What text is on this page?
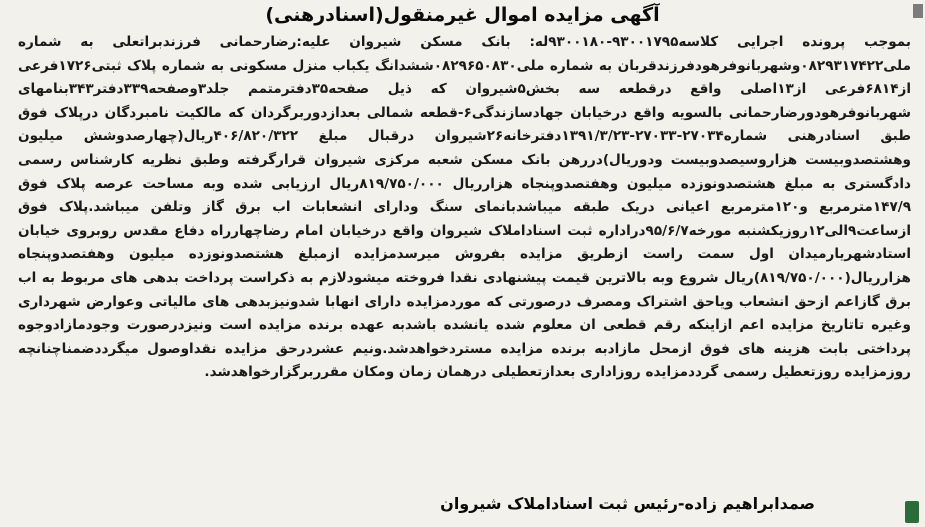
آگهی مزایده اموال غیرمنقول(اسنادرهنی)
بموجب پرونده اجرایی کلاسه۹۳۰۰۱۷۹۵-۹۳۰۰۱۸۰له: بانک مسکن شیروان علیه:رضارحمانی فرزندبراتعلی به شماره ملی۰۸۲۹۳۱۷۴۲۲وشهربانوفرهودفرزندقربان به شماره ملی۰۸۲۹۶۵۰۸۳۰ششدانگ یکباب منزل مسکونی به شماره پلاک ثبتی۱۷۲۶فرعی از۶۸۱۴فرعی از۱۳اصلی واقع درقطعه سه بخش۵شیروان که ذیل صفحه۳۵دفترمتمم جلد۳وصفحه۳۳۹دفتر۳۴۳بنامهای شهربانوفرهودورضارحمانی بالسویه واقع درخیابان جهادسازندگی۶-قطعه شمالی بعدازدوربرگردان که مالکیت نامبردگان درپلاک فوق طبق اسنادرهنی شماره۲۷۰۳۴-۲۷۰۳۳-۱۳۹۱/۳/۲۳دفترخانه۲۶شیروان درقبال مبلغ ۴۰۶/۸۲۰/۳۲۲ریال(چهارصدوشش میلیون وهشتصدوبیست هزاروسیصدوبیست ودوریال)دررهن بانک مسکن شعبه مرکزی شیروان قرارگرفته وطبق نظریه کارشناس رسمی دادگستری به مبلغ هشتصدونوزده میلیون وهفتصدوپنجاه هزارریال ۸۱۹/۷۵۰/۰۰۰ریال ارزیابی شده وبه مساحت عرصه پلاک فوق ۱۴۷/۹مترمربع و۱۲۰مترمربع اعیانی دریک طبقه میباشدبانمای سنگ ودارای انشعابات اب برق گاز وتلفن میباشد.پلاک فوق ازساعت۹الی۱۲روزیکشنبه مورخه۹۵/۶/۷دراداره ثبت اسناداملاک شیروان واقع درخیابان امام رضاچهارراه دفاع مقدس روبروی خیابان استادشهریارمیدان اول سمت راست ازطریق مزایده بفروش میرسدمزایده ازمبلغ هشتصدونوزده میلیون وهفتصدوپنجاه هزارریال(۸۱۹/۷۵۰/۰۰۰)ریال شروع وبه بالاترین قیمت پیشنهادی نقدا فروخته میشودلازم به ذکراست پرداخت بدهی های مربوط به اب برق گازاعم ازحق انشعاب ویاحق اشتراک ومصرف درصورتی که موردمزایده دارای انهابا شدونیزبدهی های مالیاتی وعوارض شهرداری وغیره تاتاریخ مزایده اعم ازاینکه رقم قطعی ان معلوم شده یانشده باشدبه عهده برنده مزایده است ونیزدرصورت وجودمازادوجوه پرداختی بابت هزینه های فوق ازمحل مازادبه برنده مزایده مستردخواهدشد.ونیم عشردرحق مزایده نقداوصول میگرددضمناچنانچه روزمزایده روزتعطیل رسمی گرددمزایده روزاداری بعدازتعطیلی درهمان زمان ومکان مقرربرگزارخواهدشد.
صمدابراهیم زاده-رئیس ثبت اسناداملاک شیروان
